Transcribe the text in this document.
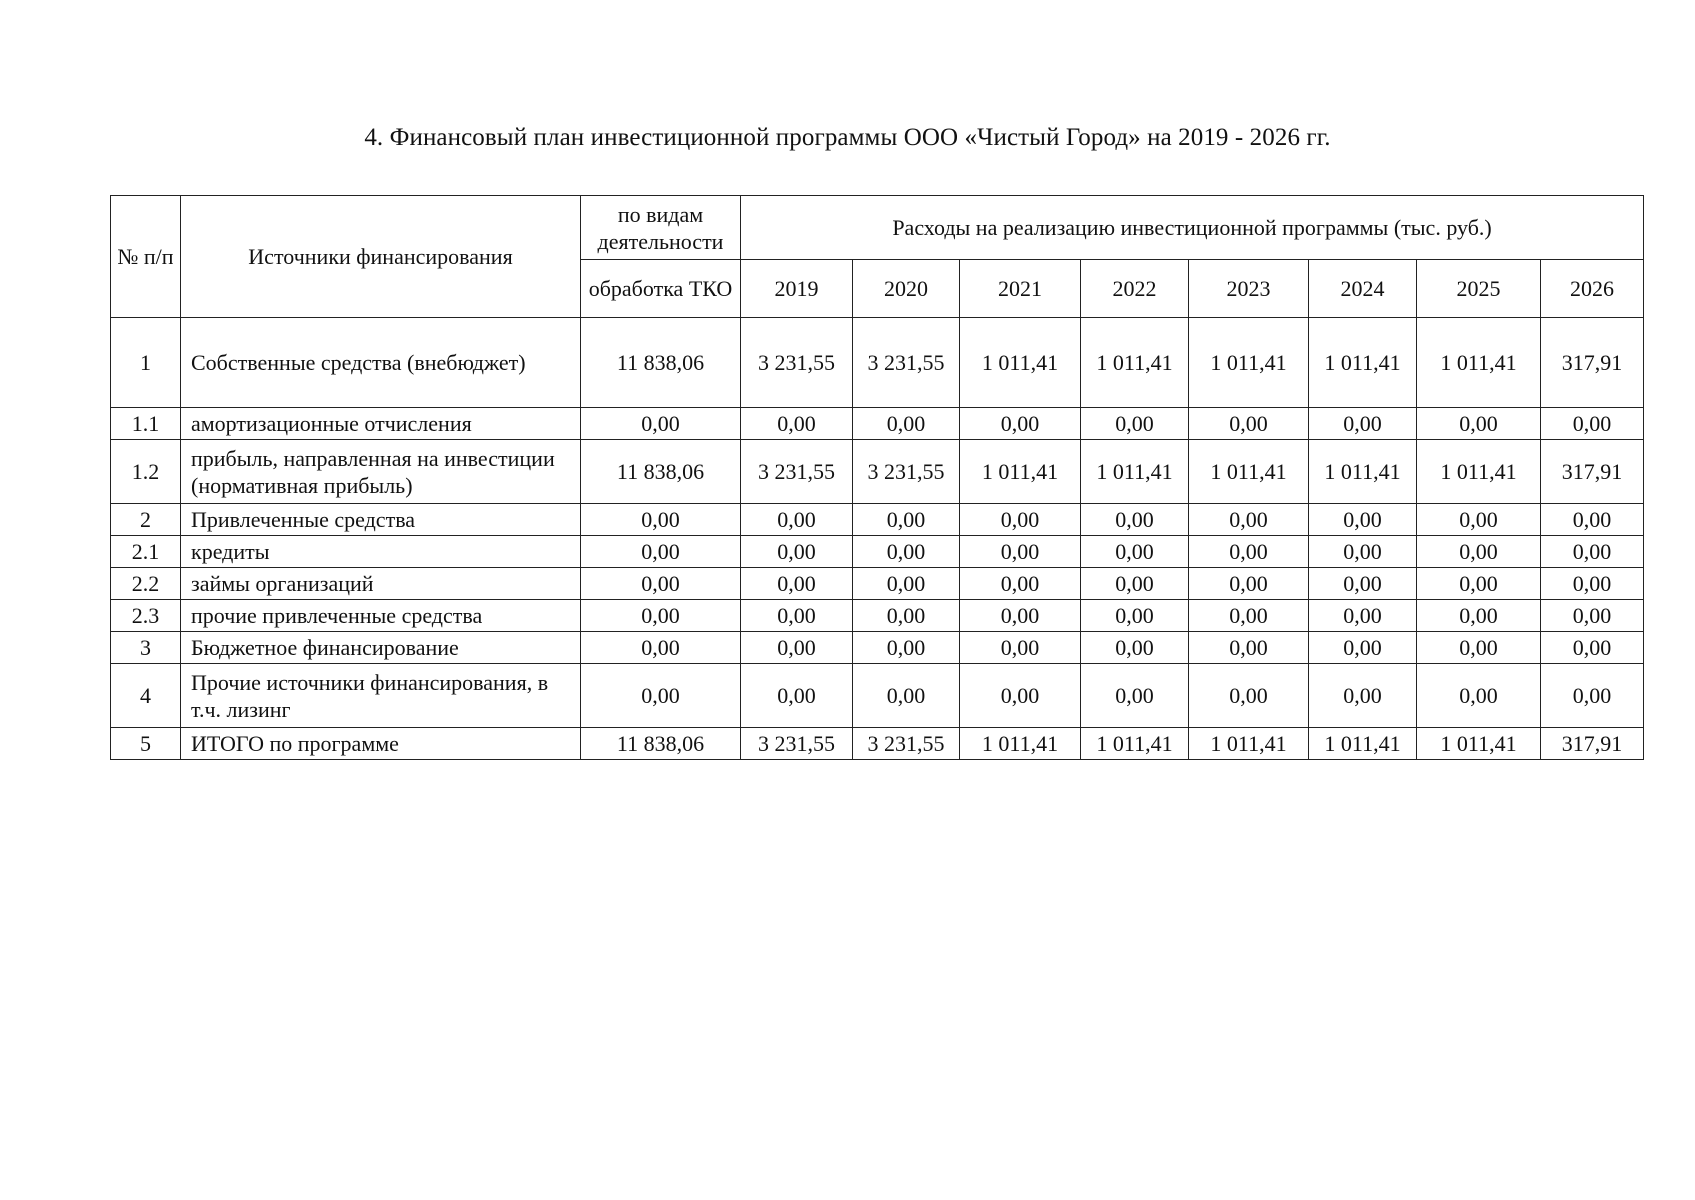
4. Финансовый план инвестиционной программы ООО «Чистый Город» на 2019 - 2026 гг.
№ п/п	Источники финансирования	по видам деятельности	Расходы на реализацию инвестиционной программы (тыс. руб.)							
		обработка ТКО	2019	2020	2021	2022	2023	2024	2025	2026
1	Собственные средства (внебюджет)	11 838,06	3 231,55	3 231,55	1 011,41	1 011,41	1 011,41	1 011,41	1 011,41	317,91
1.1	амортизационные отчисления	0,00	0,00	0,00	0,00	0,00	0,00	0,00	0,00	0,00
1.2	прибыль, направленная на инвестиции (нормативная прибыль)	11 838,06	3 231,55	3 231,55	1 011,41	1 011,41	1 011,41	1 011,41	1 011,41	317,91
2	Привлеченные средства	0,00	0,00	0,00	0,00	0,00	0,00	0,00	0,00	0,00
2.1	кредиты	0,00	0,00	0,00	0,00	0,00	0,00	0,00	0,00	0,00
2.2	займы организаций	0,00	0,00	0,00	0,00	0,00	0,00	0,00	0,00	0,00
2.3	прочие привлеченные средства	0,00	0,00	0,00	0,00	0,00	0,00	0,00	0,00	0,00
3	Бюджетное финансирование	0,00	0,00	0,00	0,00	0,00	0,00	0,00	0,00	0,00
4	Прочие источники финансирования, в т.ч. лизинг	0,00	0,00	0,00	0,00	0,00	0,00	0,00	0,00	0,00
5	ИТОГО по программе	11 838,06	3 231,55	3 231,55	1 011,41	1 011,41	1 011,41	1 011,41	1 011,41	317,91
